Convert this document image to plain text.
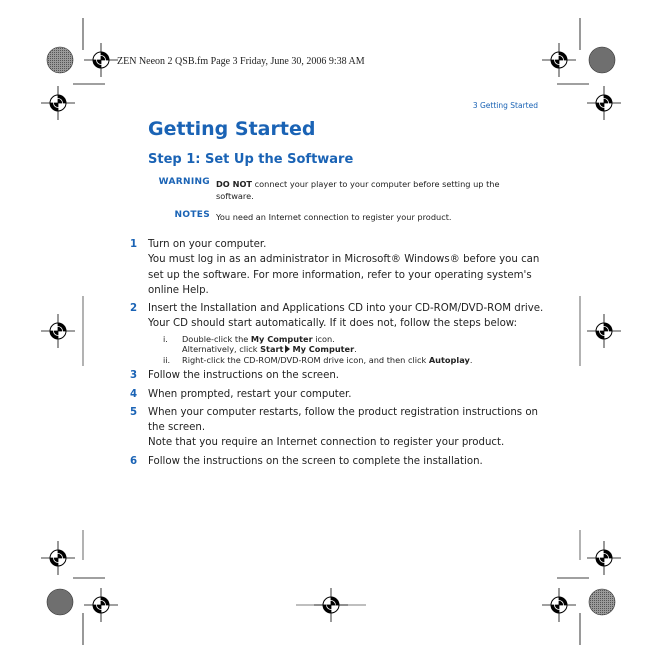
ZEN Neeon 2 QSB.fm Page 3 Friday, June 30, 2006 9:38 AM
3 Getting Started
Getting Started
Step 1: Set Up the Software
WARNING DO NOT connect your player to your computer before setting up the software.
NOTES You need an Internet connection to register your product.
1 Turn on your computer.
You must log in as an administrator in Microsoft® Windows® before you can set up the software. For more information, refer to your operating system's online Help.
2 Insert the Installation and Applications CD into your CD-ROM/DVD-ROM drive. Your CD should start automatically. If it does not, follow the steps below:
i. Double-click the My Computer icon.
Alternatively, click Start My Computer.
ii. Right-click the CD-ROM/DVD-ROM drive icon, and then click Autoplay.
3 Follow the instructions on the screen.
4 When prompted, restart your computer.
5 When your computer restarts, follow the product registration instructions on the screen.
Note that you require an Internet connection to register your product.
6 Follow the instructions on the screen to complete the installation.
